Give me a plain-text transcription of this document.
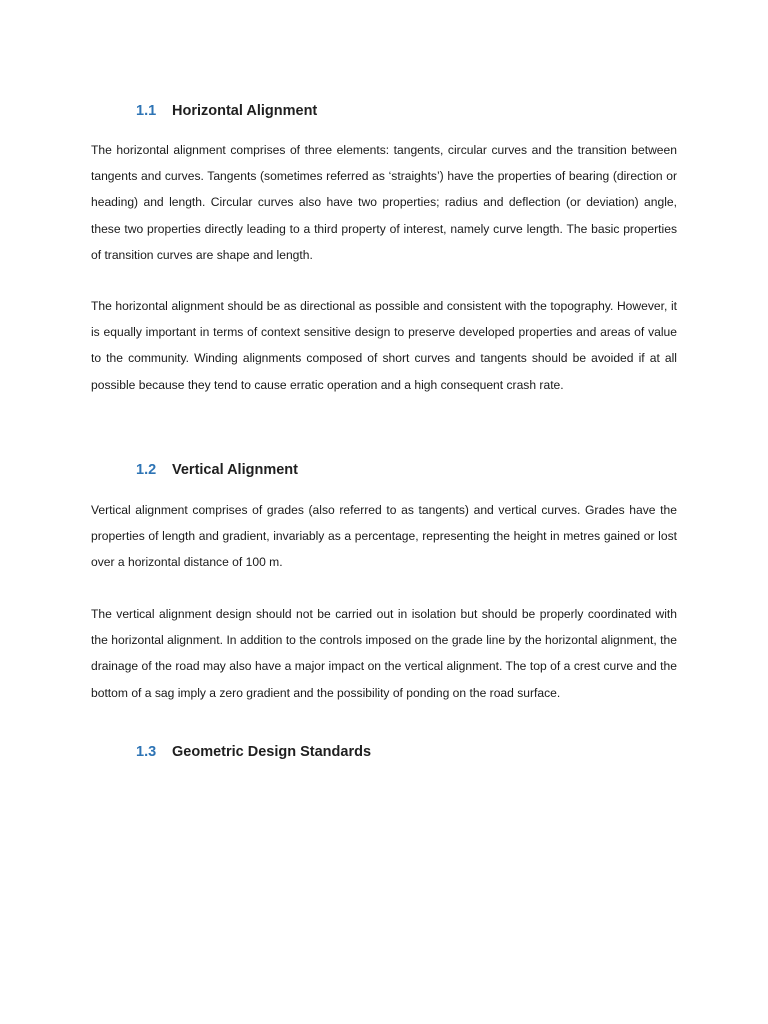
1.1	Horizontal Alignment

The horizontal alignment comprises of three elements: tangents, circular curves and the transition between tangents and curves. Tangents (sometimes referred as ‘straights’) have the properties of bearing (direction or heading) and length. Circular curves also have two properties; radius and deflection (or deviation) angle, these two properties directly leading to a third property of interest, namely curve length. The basic properties of transition curves are shape and length.

The horizontal alignment should be as directional as possible and consistent with the topography. However, it is equally important in terms of context sensitive design to preserve developed properties and areas of value to the community. Winding alignments composed of short curves and tangents should be avoided if at all possible because they tend to cause erratic operation and a high consequent crash rate.

1.2	Vertical Alignment

Vertical alignment comprises of grades (also referred to as tangents) and vertical curves. Grades have the properties of length and gradient, invariably as a percentage, representing the height in metres gained or lost over a horizontal distance of 100 m.

The vertical alignment design should not be carried out in isolation but should be properly coordinated with the horizontal alignment. In addition to the controls imposed on the grade line by the horizontal alignment, the drainage of the road may also have a major impact on the vertical alignment. The top of a crest curve and the bottom of a sag imply a zero gradient and the possibility of ponding on the road surface.

1.3	Geometric Design Standards
